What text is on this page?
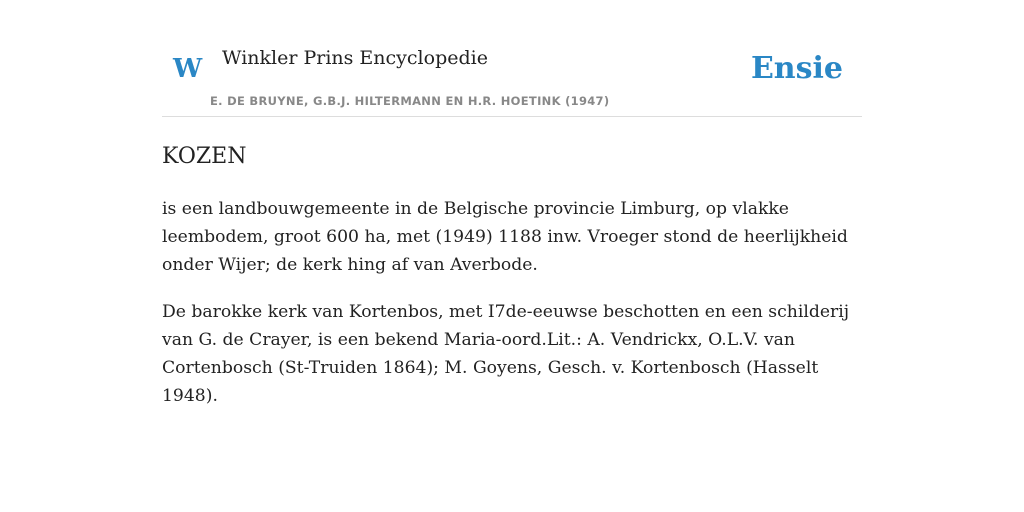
W Winkler Prins Encyclopedie
E. DE BRUYNE, G.B.J. HILTERMANN EN H.R. HOETINK (1947)
Ensie
KOZEN

is een landbouwgemeente in de Belgische provincie Limburg, op vlakke leembodem, groot 600 ha, met (1949) 1188 inw. Vroeger stond de heerlijkheid onder Wijer; de kerk hing af van Averbode.

De barokke kerk van Kortenbos, met I7de-eeuwse beschotten en een schilderij van G. de Crayer, is een bekend Maria-oord.Lit.: A. Vendrickx, O.L.V. van Cortenbosch (St-Truiden 1864); M. Goyens, Gesch. v. Kortenbosch (Hasselt 1948).
